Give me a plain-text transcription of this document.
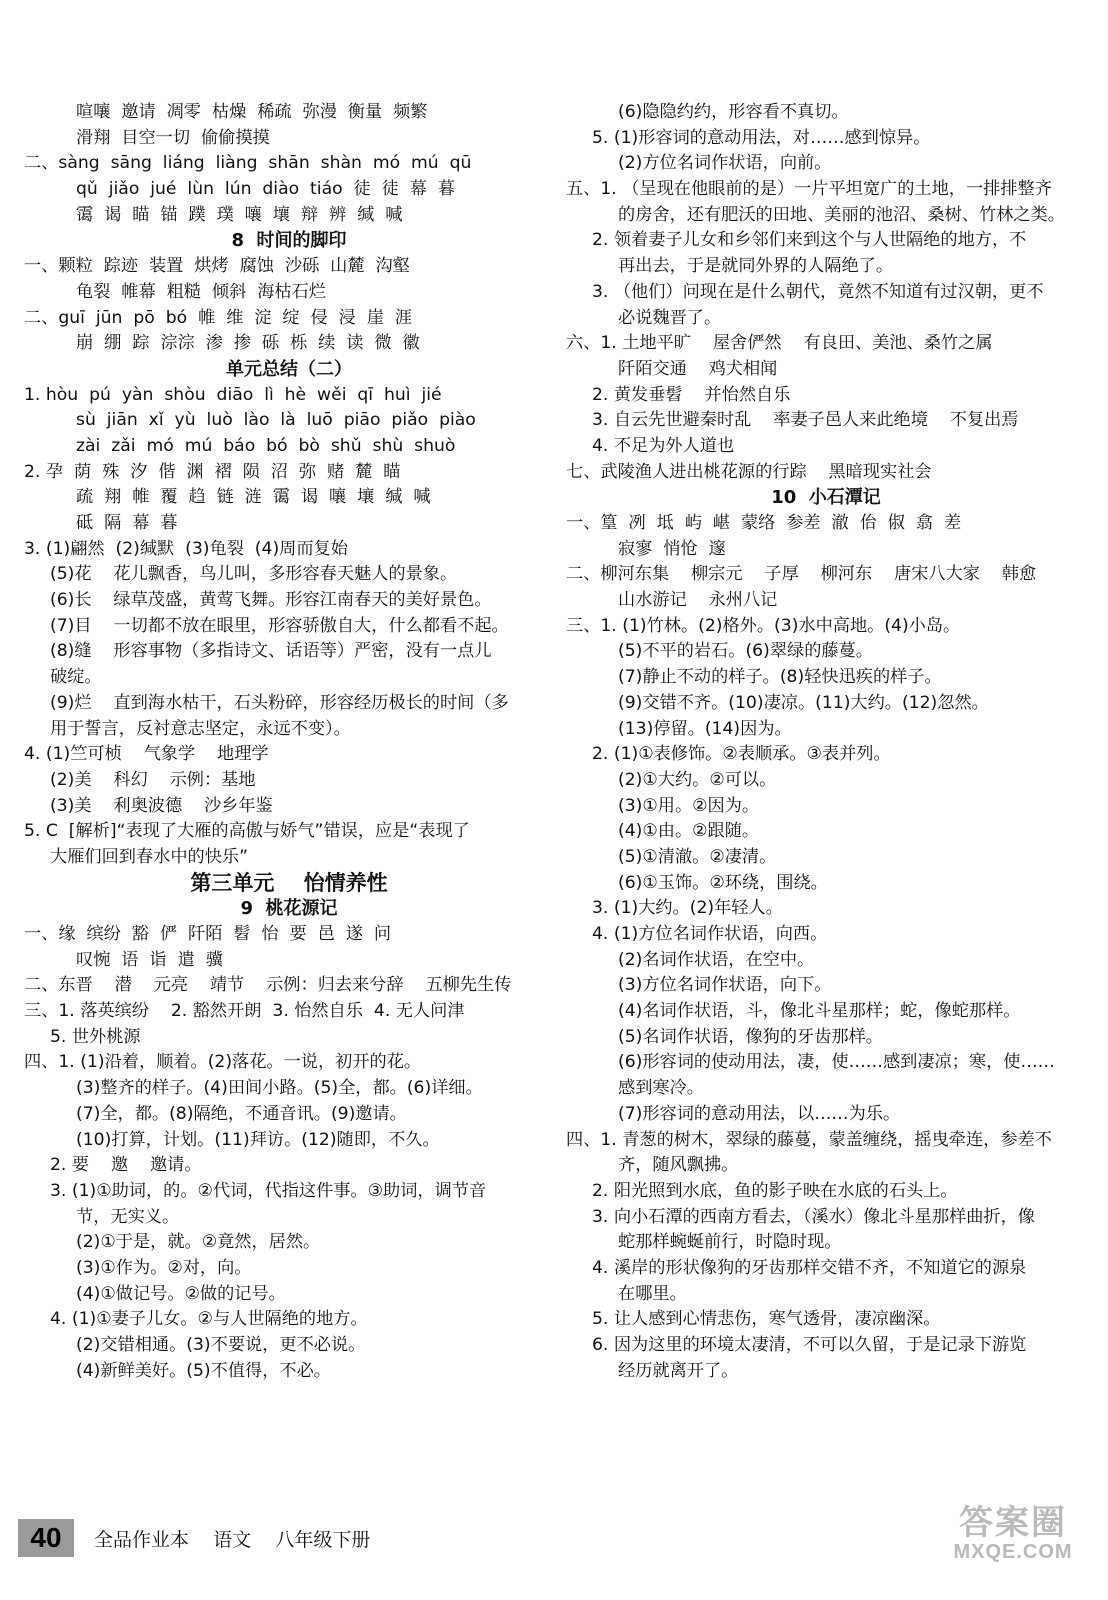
喧嚷  邀请  凋零  枯燥  稀疏  弥漫  衡量  频繁
滑翔  目空一切  偷偷摸摸
二、sàng  sāng  liáng  liàng  shān  shàn  mó  mú  qū
qǔ  jiǎo  jué  lùn  lún  diào  tiáo  徒  徒  幕  暮
霭  谒  瞄  锚  蹼  璞  嚷  壤  辩  辨  缄  喊
8  时间的脚印
一、颗粒  踪迹  装置  烘烤  腐蚀  沙砾  山麓  沟壑
龟裂  帷幕  粗糙  倾斜  海枯石烂
二、guī  jūn  pō  bó  帷  维  淀  绽  侵  浸  崖  涯
崩  绷  踪  淙淙  渗  掺  砾  栎  续  读  微  徽
单元总结（二）
1. hòu  pú  yàn  shòu  diāo  lì  hè  wěi  qī  huì  jié
sù  jiān  xǐ  yù  luò  lào  là  luō  piāo  piǎo  piào
zài  zǎi  mó  mú  báo  bó  bò  shǔ  shù  shuò
2. 孕  荫  殊  汐  偕  渊  褶  陨  沼  弥  赌  麓  瞄
疏  翔  帷  覆  趋  链  涟  霭  谒  嚷  壤  缄  喊
砥  隔  幕  暮
3. (1)翩然  (2)缄默  (3)龟裂  (4)周而复始
(5)花    花儿飘香，鸟儿叫，多形容春天魅人的景象。
(6)长    绿草茂盛，黄莺飞舞。形容江南春天的美好景色。
(7)目    一切都不放在眼里，形容骄傲自大，什么都看不起。
(8)缝    形容事物（多指诗文、话语等）严密，没有一点儿
破绽。
(9)烂    直到海水枯干，石头粉碎，形容经历极长的时间（多
用于誓言，反衬意志坚定，永远不变）。
4. (1)竺可桢    气象学    地理学
(2)美    科幻    示例：基地
(3)美    利奥波德    沙乡年鉴
5. C  [解析]“表现了大雁的高傲与娇气”错误，应是“表现了
大雁们回到春水中的快乐”
第三单元    怡情养性
9  桃花源记
一、缘  缤纷  豁  俨  阡陌  髫  怡  要  邑  遂  问
叹惋  语  诣  遣  骥
二、东晋    潜    元亮    靖节    示例：归去来兮辞    五柳先生传
三、1. 落英缤纷    2. 豁然开朗  3. 怡然自乐  4. 无人问津
5. 世外桃源
四、1. (1)沿着，顺着。(2)落花。一说，初开的花。
(3)整齐的样子。(4)田间小路。(5)全，都。(6)详细。
(7)全，都。(8)隔绝，不通音讯。(9)邀请。
(10)打算，计划。(11)拜访。(12)随即，不久。
2. 要    邀    邀请。
3. (1)①助词，的。②代词，代指这件事。③助词，调节音
节，无实义。
(2)①于是，就。②竟然，居然。
(3)①作为。②对，向。
(4)①做记号。②做的记号。
4. (1)①妻子儿女。②与人世隔绝的地方。
(2)交错相通。(3)不要说，更不必说。
(4)新鲜美好。(5)不值得，不必。
(6)隐隐约约，形容看不真切。
5. (1)形容词的意动用法，对……感到惊异。
(2)方位名词作状语，向前。
五、1. （呈现在他眼前的是）一片平坦宽广的土地，一排排整齐
的房舍，还有肥沃的田地、美丽的池沼、桑树、竹林之类。
2. 领着妻子儿女和乡邻们来到这个与人世隔绝的地方，不
再出去，于是就同外界的人隔绝了。
3. （他们）问现在是什么朝代，竟然不知道有过汉朝，更不
必说魏晋了。
六、1. 土地平旷    屋舍俨然    有良田、美池、桑竹之属
阡陌交通    鸡犬相闻
2. 黄发垂髫    并怡然自乐
3. 自云先世避秦时乱    率妻子邑人来此绝境    不复出焉
4. 不足为外人道也
七、武陵渔人进出桃花源的行踪    黑暗现实社会
10  小石潭记
一、篁  冽  坻  屿  嵁  蒙络  参差  澈  佁  俶  翕  差
寂寥  悄怆  邃
二、柳河东集    柳宗元    子厚    柳河东    唐宋八大家    韩愈
山水游记    永州八记
三、1. (1)竹林。(2)格外。(3)水中高地。(4)小岛。
(5)不平的岩石。(6)翠绿的藤蔓。
(7)静止不动的样子。(8)轻快迅疾的样子。
(9)交错不齐。(10)凄凉。(11)大约。(12)忽然。
(13)停留。(14)因为。
2. (1)①表修饰。②表顺承。③表并列。
(2)①大约。②可以。
(3)①用。②因为。
(4)①由。②跟随。
(5)①清澈。②凄清。
(6)①玉饰。②环绕，围绕。
3. (1)大约。(2)年轻人。
4. (1)方位名词作状语，向西。
(2)名词作状语，在空中。
(3)方位名词作状语，向下。
(4)名词作状语，斗，像北斗星那样；蛇，像蛇那样。
(5)名词作状语，像狗的牙齿那样。
(6)形容词的使动用法，凄，使……感到凄凉；寒，使……
感到寒冷。
(7)形容词的意动用法，以……为乐。
四、1. 青葱的树木，翠绿的藤蔓，蒙盖缠绕，摇曳牵连，参差不
齐，随风飘拂。
2. 阳光照到水底，鱼的影子映在水底的石头上。
3. 向小石潭的西南方看去，（溪水）像北斗星那样曲折，像
蛇那样蜿蜒前行，时隐时现。
4. 溪岸的形状像狗的牙齿那样交错不齐，不知道它的源泉
在哪里。
5. 让人感到心情悲伤，寒气透骨，凄凉幽深。
6. 因为这里的环境太凄清，不可以久留，于是记录下游览
经历就离开了。
40	全品作业本    语文    八年级下册	答案圈
MXQE.COM
